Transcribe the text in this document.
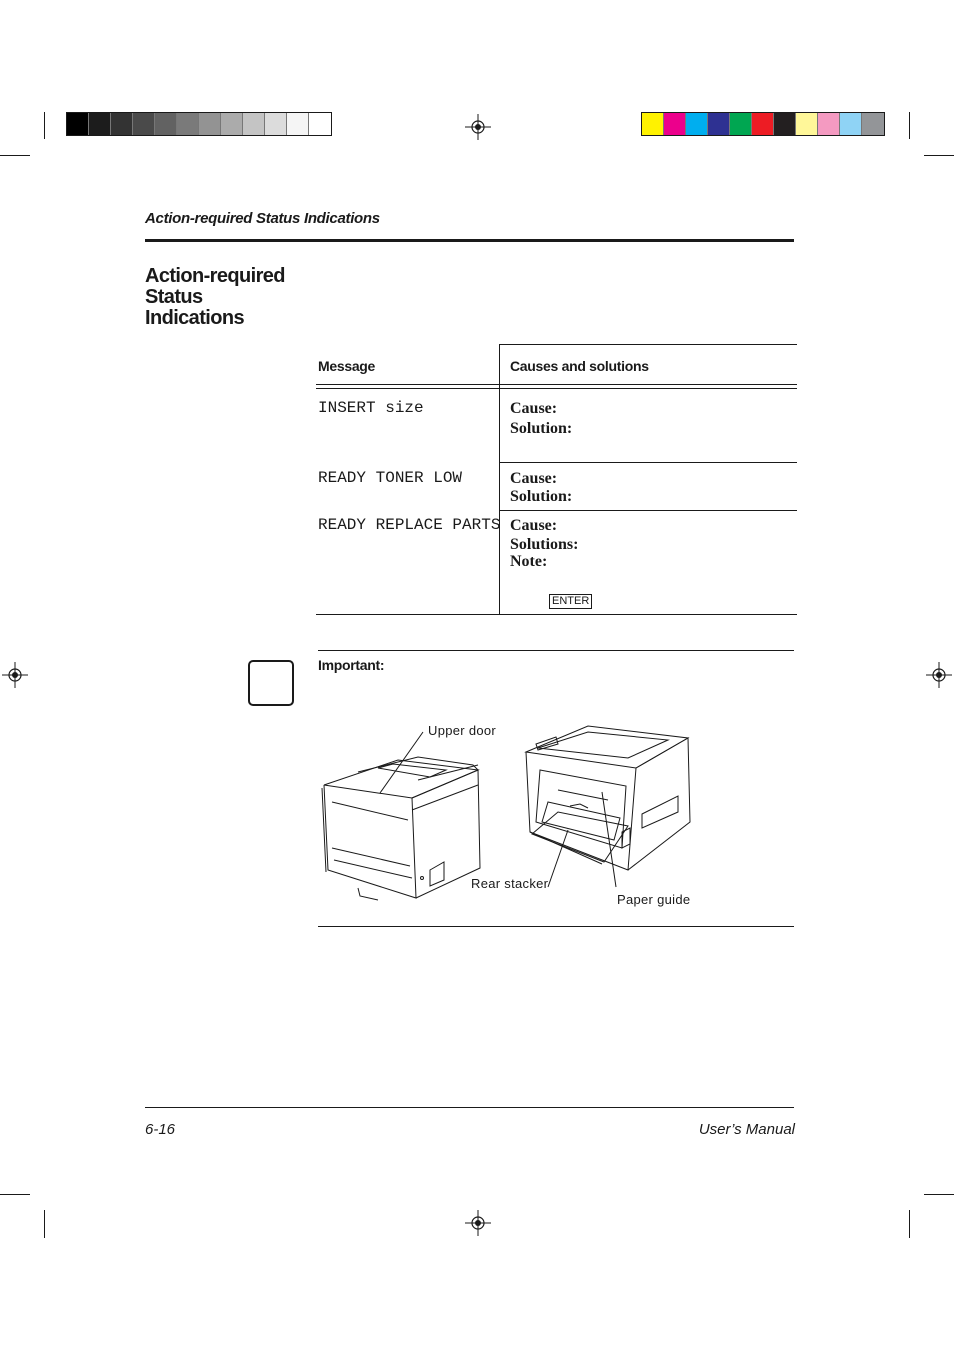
Action-required Status Indications
Action-required
Status
Indications
Message	Causes and solutions
INSERT size	Cause:
Solution:
READY TONER LOW	Cause:
Solution:
READY REPLACE PARTS Cause:
Solutions:
Note:
ENTER
Important:
Upper door
Rear stacker
Paper guide
6-16	User’s Manual
